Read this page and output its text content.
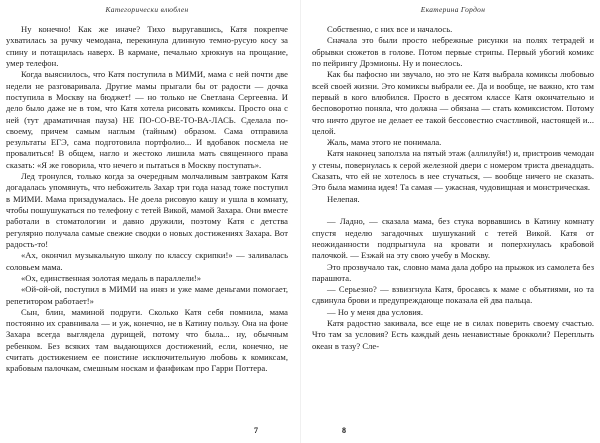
Категорически влюблен

Ну конечно! Как же иначе? Тихо выругавшись, Катя покрепче ухватилась за ручку чемодана, перекинула длинную темно-русую косу за спину и потащилась наверх. В кармане, печально хрюкнув на прощание, умер телефон.

Когда выяснилось, что Катя поступила в МИМИ, мама с ней почти две недели не разговаривала. Другие мамы прыгали бы от радости — дочка поступила в Москву на бюджет! — но только не Светлана Сергеевна. И дело было даже не в том, что Катя хотела рисовать комиксы. Просто она с ней (тут драматичная пауза) НЕ ПО-СО-ВЕ-ТО-ВА-ЛАСЬ. Сделала по-своему, причем самым наглым (тайным) образом. Сама отправила результаты ЕГЭ, сама подготовила портфолио... И вдобавок посмела не провалиться! В общем, нагло и жестоко лишила мать священного права сказать: «Я же говорила, что нечего и пытаться в Москву поступать».

Лед тронулся, только когда за очередным молчаливым завтраком Катя догадалась упомянуть, что небожитель Захар три года назад тоже поступил в МИМИ. Мама призадумалась. Не доела рисовую кашу и ушла в комнату, чтобы пошушукаться по телефону с тетей Викой, мамой Захара. Они вместе работали в стоматологии и давно дружили, поэтому Катя с детства регулярно получала самые свежие сводки о новых достижениях Захара. Вот радость-то!

«Ах, окончил музыкальную школу по классу скрипки!» — заливалась соловьем мама.

«Ох, единственная золотая медаль в параллели!»

«Ой-ой-ой, поступил в МИМИ на иняз и уже маме деньгами помогает, репетитором работает!»

Сын, блин, маминой подруги. Сколько Катя себя помнила, мама постоянно их сравнивала — и уж, конечно, не в Катину пользу. Она на фоне Захара всегда выглядела дурищей, потому что была... ну, обычным ребенком. Без всяких там выдающихся достижений, если, конечно, не считать достижением ее поистине исключительную любовь к комиксам, крабовым палочкам, смешным носкам и фанфикам про Гарри Поттера.

7
Екатерина Гордон

Собственно, с них все и началось.

Сначала это были просто небрежные рисунки на полях тетрадей и обрывки сюжетов в голове. Потом первые стрипы. Первый убогий комикс по пейрингу Дрэмионы. Ну и понеслось.

Как бы пафосно ни звучало, но это не Катя выбрала комиксы любовью всей своей жизни. Это комиксы выбрали ее. Да и вообще, не важно, кто там первый в кого влюбился. Просто в десятом классе Катя окончательно и бесповоротно поняла, что должна — обязана — стать комиксистом. Потому что ничто другое не делает ее такой бессовестно счастливой, настоящей и... целой.

Жаль, мама этого не понимала.

Катя наконец заползла на пятый этаж (аллилуйя!) и, пристроив чемодан у стены, повернулась к серой железной двери с номером триста двенадцать. Сказать, что ей не хотелось в нее стучаться, — вообще ничего не сказать. Это была мамина идея! Та самая — ужасная, чудовищная и монстрическая.

Нелепая.

— Ладно, — сказала мама, без стука ворвавшись в Катину комнату спустя неделю загадочных шушуканий с тетей Викой. Катя от неожиданности подпрыгнула на кровати и поперхнулась крабовой палочкой. — Езжай на эту свою учебу в Москву.

Это прозвучало так, словно мама дала добро на прыжок из самолета без парашюта.

— Серьезно? — взвизгнула Катя, бросаясь к маме с объятиями, но та сдвинула брови и предупреждающе показала ей два пальца.

— Но у меня два условия.

Катя радостно закивала, все еще не в силах поверить своему счастью. Что там за условия? Есть каждый день ненавистные брокколи? Переплыть океан в тазу? Сле-

8
